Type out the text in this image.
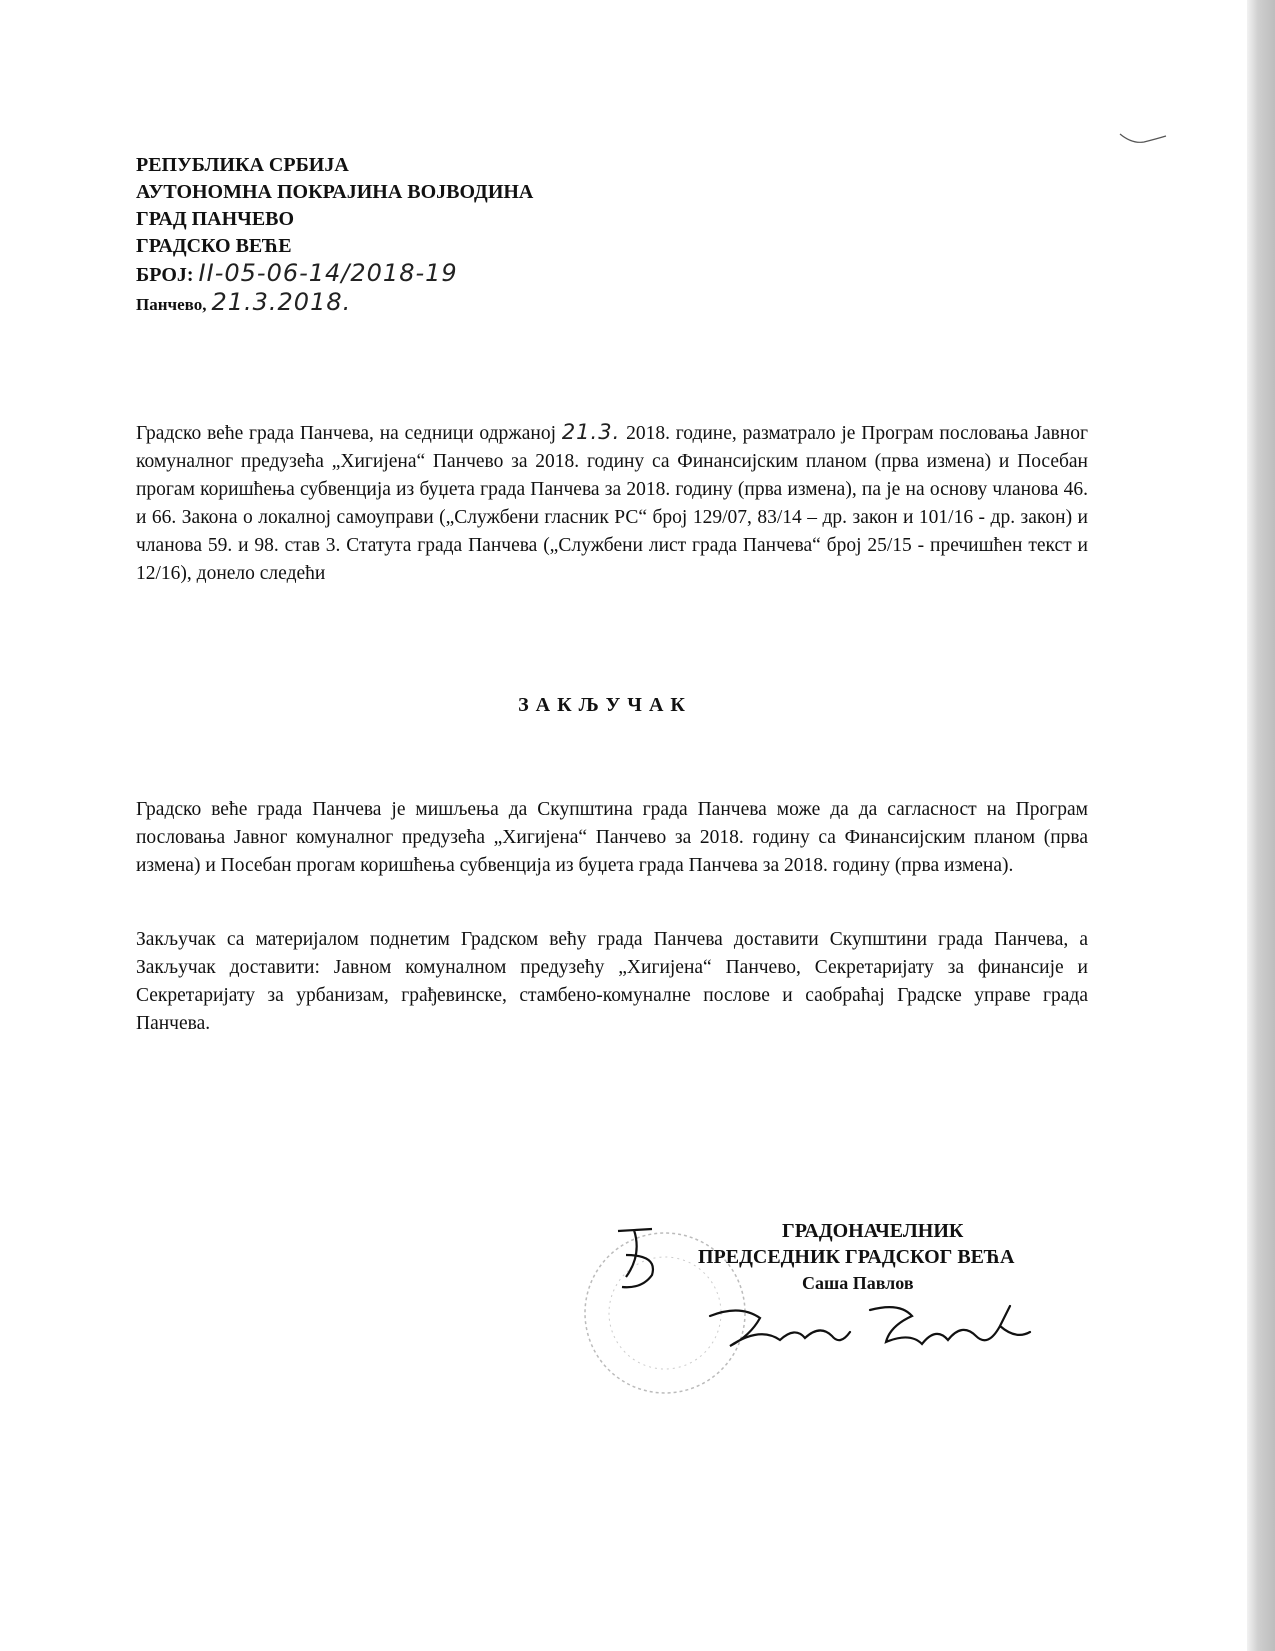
РЕПУБЛИКА СРБИЈА
АУТОНОМНА ПОКРАЈИНА ВОЈВОДИНА
ГРАД ПАНЧЕВО
ГРАДСКО ВЕЋЕ
БРОЈ: II-05-06-14/2018-19
Панчево, 21.3.2018.

Градско веће града Панчева, на седници одржаној 21.3. 2018. године, разматрало је Програм пословања Јавног комуналног предузећа „Хигијена“ Панчево за 2018. годину са Финансијским планом (прва измена) и Посебан прогам коришћења субвенција из буџета града Панчева за 2018. годину (прва измена), па је на основу чланова 46. и 66. Закона о локалној самоуправи („Службени гласник РС“ број 129/07, 83/14 – др. закон и 101/16 - др. закон) и чланова 59. и 98. став 3. Статута града Панчева („Службени лист града Панчева“ број 25/15 - пречишћен текст и 12/16), донело следећи

ЗАКЉУЧАК

Градско веће града Панчева је мишљења да Скупштина града Панчева може да да сагласност на Програм пословања Јавног комуналног предузећа „Хигијена“ Панчево за 2018. годину са Финансијским планом (прва измена) и Посебан прогам коришћења субвенција из буџета града Панчева за 2018. годину (прва измена).

Закључак са материјалом поднетим Градском већу града Панчева доставити Скупштини града Панчева, а Закључак доставити: Јавном комуналном предузећу „Хигијена“ Панчево, Секретаријату за финансије и Секретаријату за урбанизам, грађевинске, стамбено-комуналне послове и саобраћај Градске управе града Панчева.

ГРАДОНАЧЕЛНИК
ПРЕДСЕДНИК ГРАДСКОГ ВЕЋА
Саша Павлов
